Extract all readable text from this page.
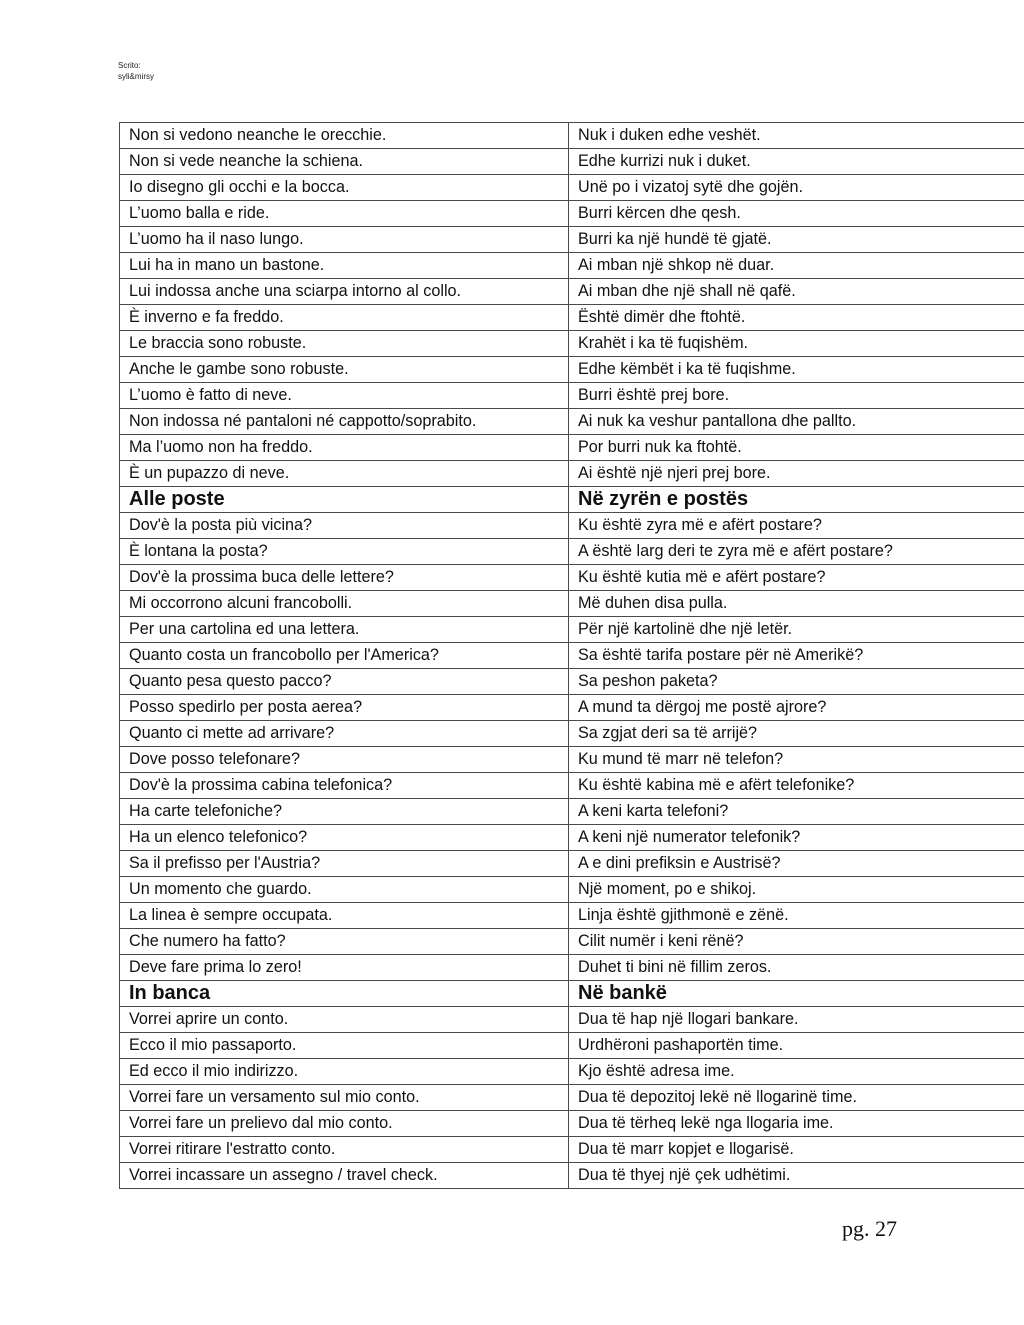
Scrito:
syli&mirsy
Non si vedono neanche le orecchie.	Nuk i duken edhe veshët.
Non si vede neanche la schiena.	Edhe kurrizi nuk i duket.
Io disegno gli occhi e la bocca.	Unë po i vizatoj sytë dhe gojën.
L’uomo balla e ride.	Burri kërcen dhe qesh.
L’uomo ha il naso lungo.	Burri ka një hundë të gjatë.
Lui ha in mano un bastone.	Ai mban një shkop në duar.
Lui indossa anche una sciarpa intorno al collo.	Ai mban dhe një shall në qafë.
È inverno e fa freddo.	Është dimër dhe ftohtë.
Le braccia sono robuste.	Krahët i ka të fuqishëm.
Anche le gambe sono robuste.	Edhe këmbët i ka të fuqishme.
L’uomo è fatto di neve.	Burri është prej bore.
Non indossa né pantaloni né cappotto/soprabito.	Ai nuk ka veshur pantallona dhe pallto.
Ma l’uomo non ha freddo.	Por burri nuk ka ftohtë.
È un pupazzo di neve.	Ai është një njeri prej bore.
Alle poste	Në zyrën e postës
Dov'è la posta più vicina?	Ku është zyra më e afërt postare?
È lontana la posta?	A është larg deri te zyra më e afërt postare?
Dov'è la prossima buca delle lettere?	Ku është kutia më e afërt postare?
Mi occorrono alcuni francobolli.	Më duhen disa pulla.
Per una cartolina ed una lettera.	Për një kartolinë dhe një letër.
Quanto costa un francobollo per l'America?	Sa është tarifa postare për në Amerikë?
Quanto pesa questo pacco?	Sa peshon paketa?
Posso spedirlo per posta aerea?	A mund ta dërgoj me postë ajrore?
Quanto ci mette ad arrivare?	Sa zgjat deri sa të arrijë?
Dove posso telefonare?	Ku mund të marr në telefon?
Dov'è la prossima cabina telefonica?	Ku është kabina më e afërt telefonike?
Ha carte telefoniche?	A keni karta telefoni?
Ha un elenco telefonico?	A keni një numerator telefonik?
Sa il prefisso per l'Austria?	A e dini prefiksin e Austrisë?
Un momento che guardo.	Një moment, po e shikoj.
La linea è sempre occupata.	Linja është gjithmonë e zënë.
Che numero ha fatto?	Cilit numër i keni rënë?
Deve fare prima lo zero!	Duhet ti bini në fillim zeros.
In banca	Në bankë
Vorrei aprire un conto.	Dua të hap një llogari bankare.
Ecco il mio passaporto.	Urdhëroni pashaportën time.
Ed ecco il mio indirizzo.	Kjo është adresa ime.
Vorrei fare un versamento sul mio conto.	Dua të depozitoj lekë në llogarinë time.
Vorrei fare un prelievo dal mio conto.	Dua të tërheq lekë nga llogaria ime.
Vorrei ritirare l'estratto conto.	Dua të marr kopjet e llogarisë.
Vorrei incassare un assegno / travel check.	Dua të thyej një çek udhëtimi.
pg. 27
